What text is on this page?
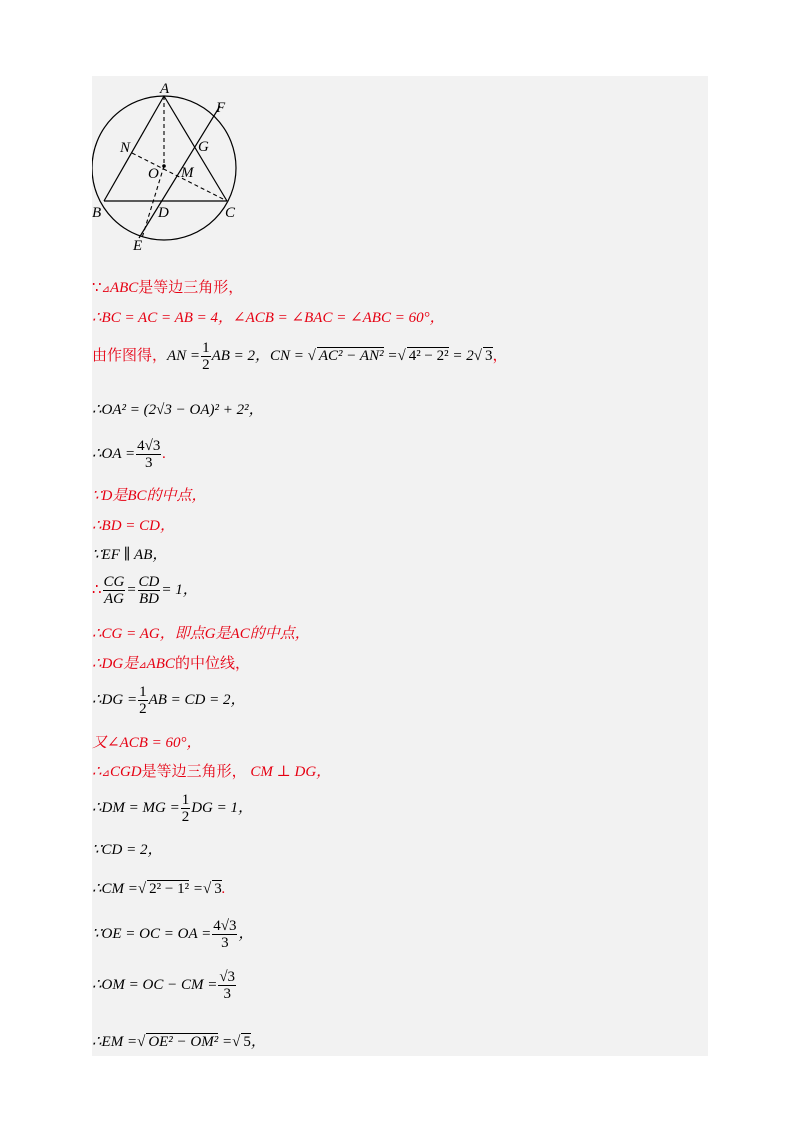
A
F
N	G
O M
B	D	C
E
∵⊿ABC是等边三角形，
∴BC = AC = AB = 4，∠ACB = ∠BAC = ∠ABC = 60°，
由作图得，AN = $\frac{1}{2}$ AB = 2，CN = √ AC² − AN² =√ 4² − 2² = 2√ 3，
∴OA² = (2√3 − OA)² + 2²，
∴OA = $\frac{4√3}{3}$ .
∵D是BC的中点，
∴BD = CD，
∵EF ∥ AB，
∴ $\frac{CG}{AG} = \frac{CD}{BD} = 1$，
∴CG = AG，即点G是AC的中点，
∴DG是⊿ABC的中位线，
∴DG = $\frac{1}{2}$ AB = CD = 2，
又∠ACB = 60°，
∴⊿CGD是等边三角形， CM ⊥ DG，
∴DM = MG = $\frac{1}{2}$ DG = 1，
∵CD = 2，
∴CM =√ 2² − 1² =√ 3.
∵OE = OC = OA = $\frac{4√3}{3}$ ，
∴OM = OC − CM = $\frac{√3}{3}$
∴EM =√ OE² − OM² =√ 5，
